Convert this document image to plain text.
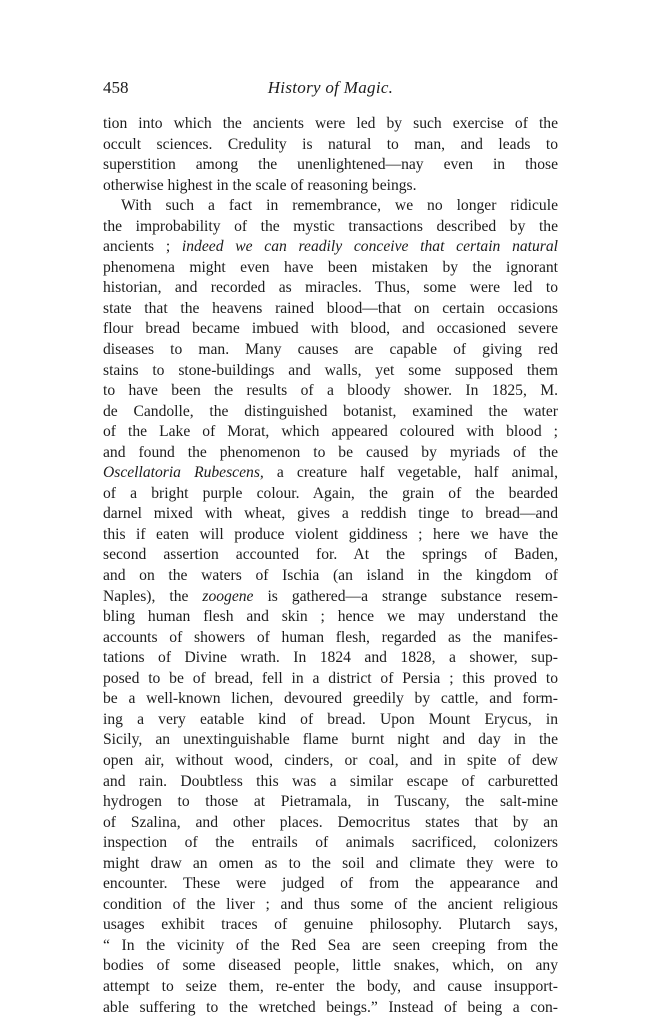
458	History of Magic.
tion into which the ancients were led by such exercise of the
occult sciences. Credulity is natural to man, and leads to
superstition among the unenlightened—nay even in those
otherwise highest in the scale of reasoning beings.
With such a fact in remembrance, we no longer ridicule
the improbability of the mystic transactions described by the
ancients ; indeed we can readily conceive that certain natural
phenomena might even have been mistaken by the ignorant
historian, and recorded as miracles. Thus, some were led to
state that the heavens rained blood—that on certain occasions
flour bread became imbued with blood, and occasioned severe
diseases to man. Many causes are capable of giving red
stains to stone-buildings and walls, yet some supposed them
to have been the results of a bloody shower. In 1825, M.
de Candolle, the distinguished botanist, examined the water
of the Lake of Morat, which appeared coloured with blood ;
and found the phenomenon to be caused by myriads of the
Oscellatoria Rubescens, a creature half vegetable, half animal,
of a bright purple colour. Again, the grain of the bearded
darnel mixed with wheat, gives a reddish tinge to bread—and
this if eaten will produce violent giddiness ; here we have the
second assertion accounted for. At the springs of Baden,
and on the waters of Ischia (an island in the kingdom of
Naples), the zoogene is gathered—a strange substance resem-
bling human flesh and skin ; hence we may understand the
accounts of showers of human flesh, regarded as the manifes-
tations of Divine wrath. In 1824 and 1828, a shower, sup-
posed to be of bread, fell in a district of Persia ; this proved to
be a well-known lichen, devoured greedily by cattle, and form-
ing a very eatable kind of bread. Upon Mount Erycus, in
Sicily, an unextinguishable flame burnt night and day in the
open air, without wood, cinders, or coal, and in spite of dew
and rain. Doubtless this was a similar escape of carburetted
hydrogen to those at Pietramala, in Tuscany, the salt-mine
of Szalina, and other places. Democritus states that by an
inspection of the entrails of animals sacrificed, colonizers
might draw an omen as to the soil and climate they were to
encounter. These were judged of from the appearance and
condition of the liver ; and thus some of the ancient religious
usages exhibit traces of genuine philosophy. Plutarch says,
“ In the vicinity of the Red Sea are seen creeping from the
bodies of some diseased people, little snakes, which, on any
attempt to seize them, re-enter the body, and cause insupport-
able suffering to the wretched beings.” Instead of being a con-
